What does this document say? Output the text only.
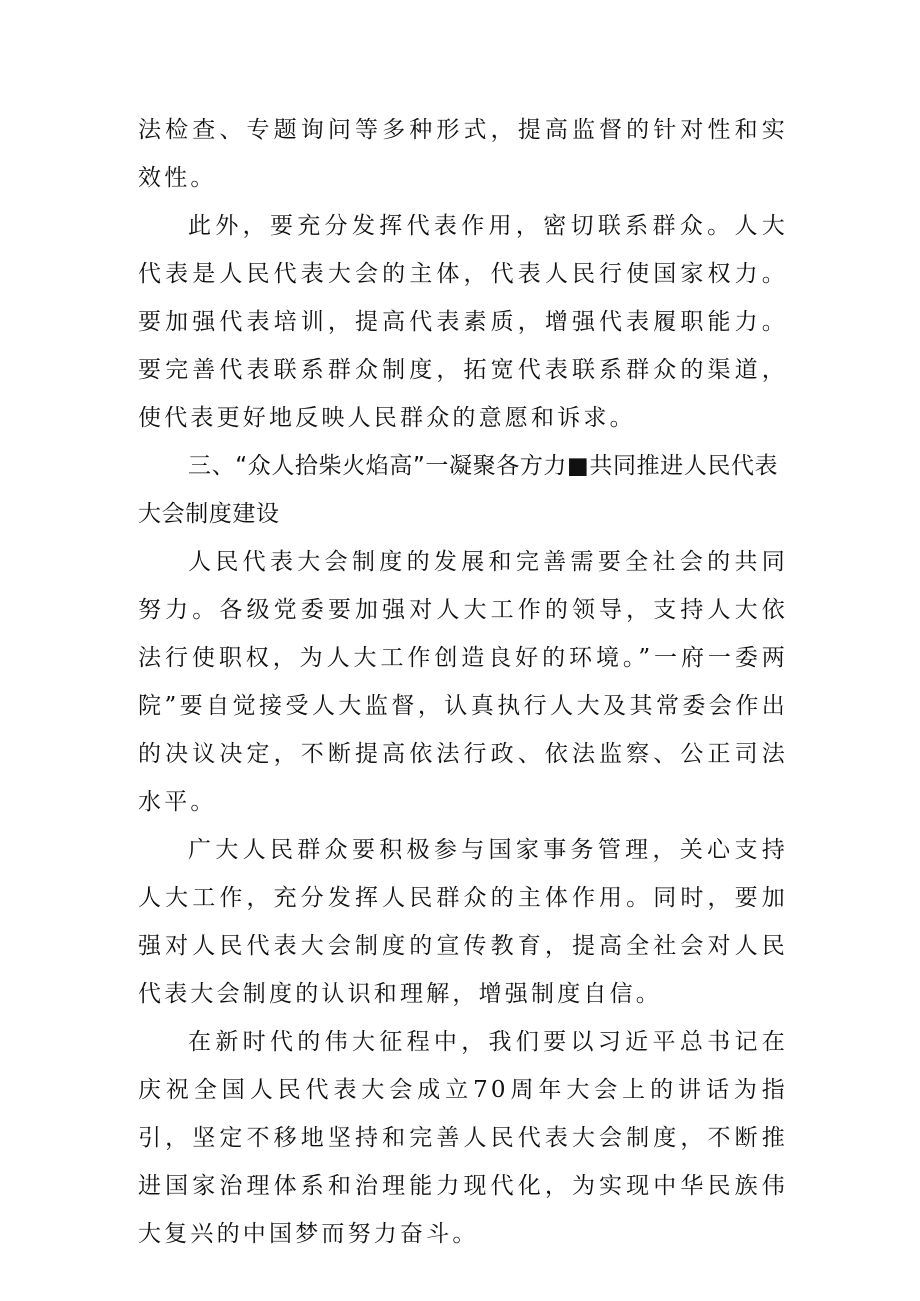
法检查、专题询问等多种形式，提高监督的针对性和实效性。

此外，要充分发挥代表作用，密切联系群众。人大代表是人民代表大会的主体，代表人民行使国家权力。要加强代表培训，提高代表素质，增强代表履职能力。要完善代表联系群众制度，拓宽代表联系群众的渠道，使代表更好地反映人民群众的意愿和诉求。

三、“众人拾柴火焰高”一凝聚各方力■共同推进人民代表大会制度建设

人民代表大会制度的发展和完善需要全社会的共同努力。各级党委要加强对人大工作的领导，支持人大依法行使职权，为人大工作创造良好的环境。”一府一委两院”要自觉接受人大监督，认真执行人大及其常委会作出的决议决定，不断提高依法行政、依法监察、公正司法水平。

广大人民群众要积极参与国家事务管理，关心支持人大工作，充分发挥人民群众的主体作用。同时，要加强对人民代表大会制度的宣传教育，提高全社会对人民代表大会制度的认识和理解，增强制度自信。

在新时代的伟大征程中，我们要以习近平总书记在庆祝全国人民代表大会成立70周年大会上的讲话为指引，坚定不移地坚持和完善人民代表大会制度，不断推进国家治理体系和治理能力现代化，为实现中华民族伟大复兴的中国梦而努力奋斗。
